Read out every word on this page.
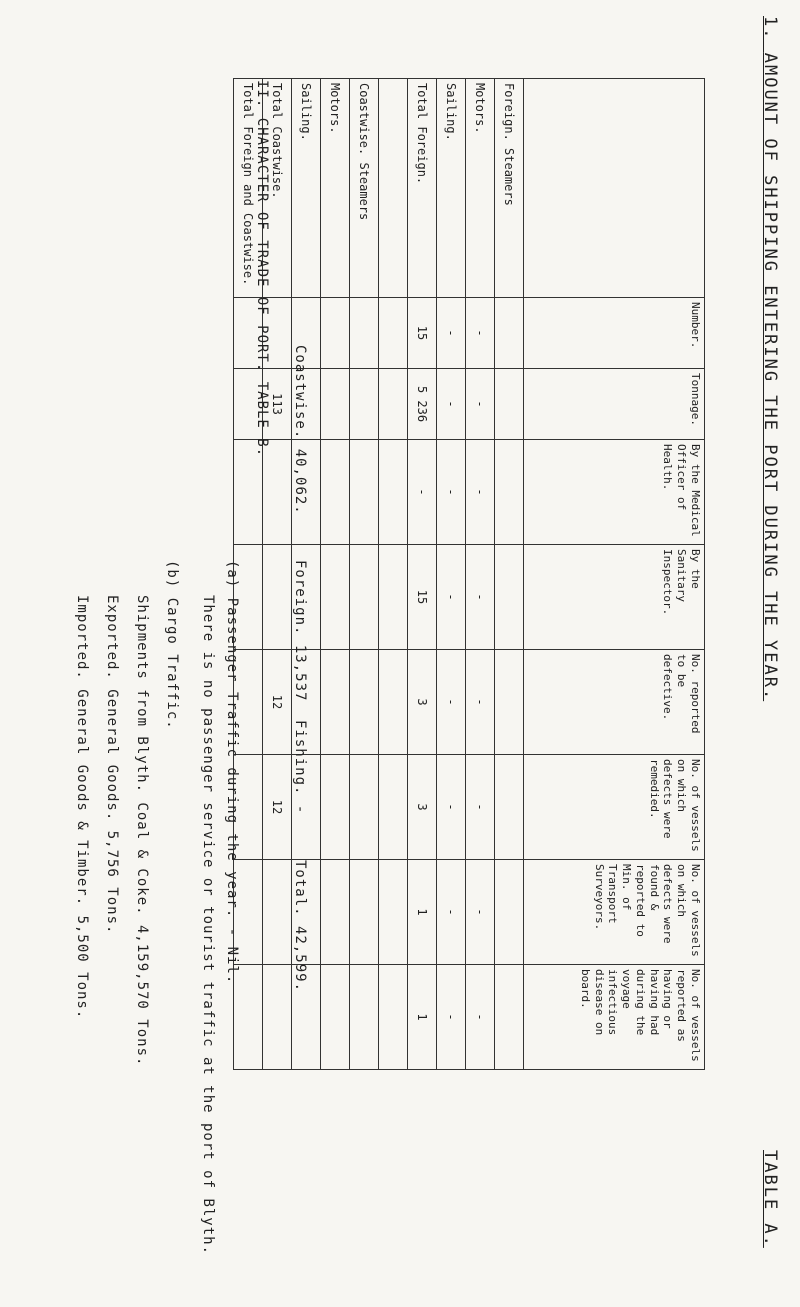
1. AMOUNT OF SHIPPING ENTERING THE PORT DURING THE YEAR.
TABLE A.
	Number.	Tonnage.	By the Medical Officer of Health.	By the Sanitary Inspector.	No. reported to be defective.	No. of vessels on which defects were remedied.	No. of vessels on which defects were found & reported to Min. of Transport Surveyors.	No. of vessels reported as having or having had during the voyage infectious disease on board.
Foreign. Steamers								
Motors.	-	-	-	-	-	-	-	-
Sailing.	-	-	-	-	-	-	-	-
Total Foreign.	15	5 236	-	15	3	3	1	1

Coastwise. Steamers								
Motors.								
Sailing.								
Total Coastwise.		113			12	12		
Total Foreign and Coastwise.								II. CHARACTER OF TRADE OF PORT. TABLE B. Coastwise. 40,062.
Foreign. 13,537
Fishing. -
Total. 42,599.
(a) Passenger Traffic during the year. - Nil.
There is no passenger service or tourist traffic at the port of Blyth.
(b) Cargo Traffic.
Shipments from Blyth. Coal & Coke. 4,159,570 Tons.
Exported. General Goods. 5,756 Tons.
Imported. General Goods & Timber. 5,500 Tons.
